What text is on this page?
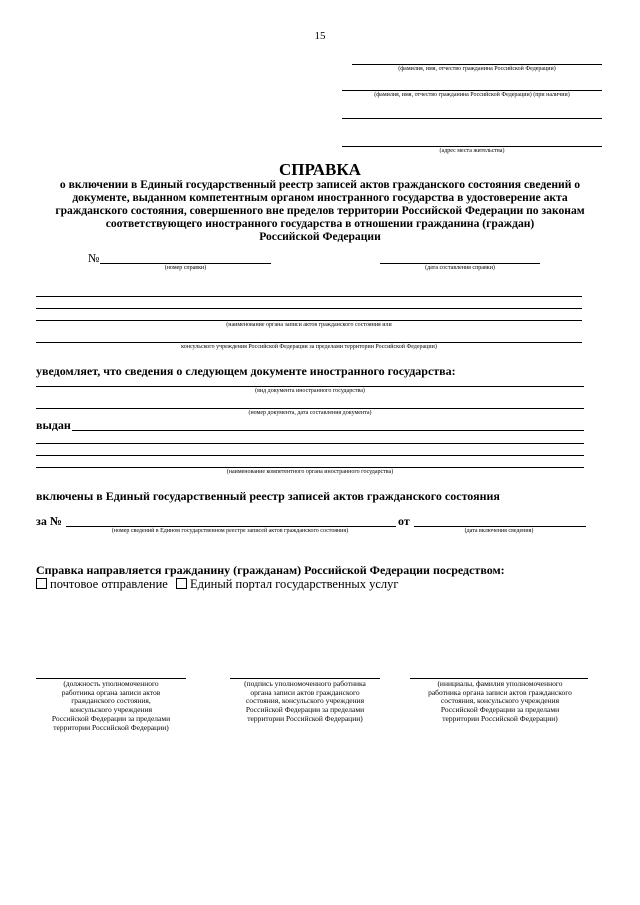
15
(фамилия, имя, отчество гражданина Российской Федерации)
(фамилия, имя, отчество гражданина Российской Федерации) (при наличии)
(адрес места жительства)
СПРАВКА
о включении в Единый государственный реестр записей актов гражданского состояния сведений о
документе, выданном компетентным органом иностранного государства в удостоверение акта
гражданского состояния, совершенного вне пределов территории Российской Федерации по законам
соответствующего иностранного государства в отношении гражданина (граждан)
Российской Федерации
№
(номер справки)	(дата составления справки)
(наименование органа записи актов гражданского состояния или
консульского учреждения Российской Федерации за пределами территории Российской Федерации)
уведомляет, что сведения о следующем документе иностранного государства:
(вид документа иностранного государства)
(номер документа, дата составления документа)
выдан
(наименование компетентного органа иностранного государства)
включены в Единый государственный реестр записей актов гражданского состояния
за №
(номер сведений в Едином государственном реестре записей актов гражданского состояния)
от
(дата включения сведения)
Справка направляется гражданину (гражданам) Российской Федерации посредством:
почтовое отправление Единый портал государственных услуг
(должность уполномоченного
работника органа записи актов
гражданского состояния,
консульского учреждения
Российской Федерации за пределами
территории Российской Федерации)
(подпись уполномоченного работника
органа записи актов гражданского
состояния, консульского учреждения
Российской Федерации за пределами
территории Российской Федерации)
(инициалы, фамилия уполномоченного
работника органа записи актов гражданского
состояния, консульского учреждения
Российской Федерации за пределами
территории Российской Федерации)
